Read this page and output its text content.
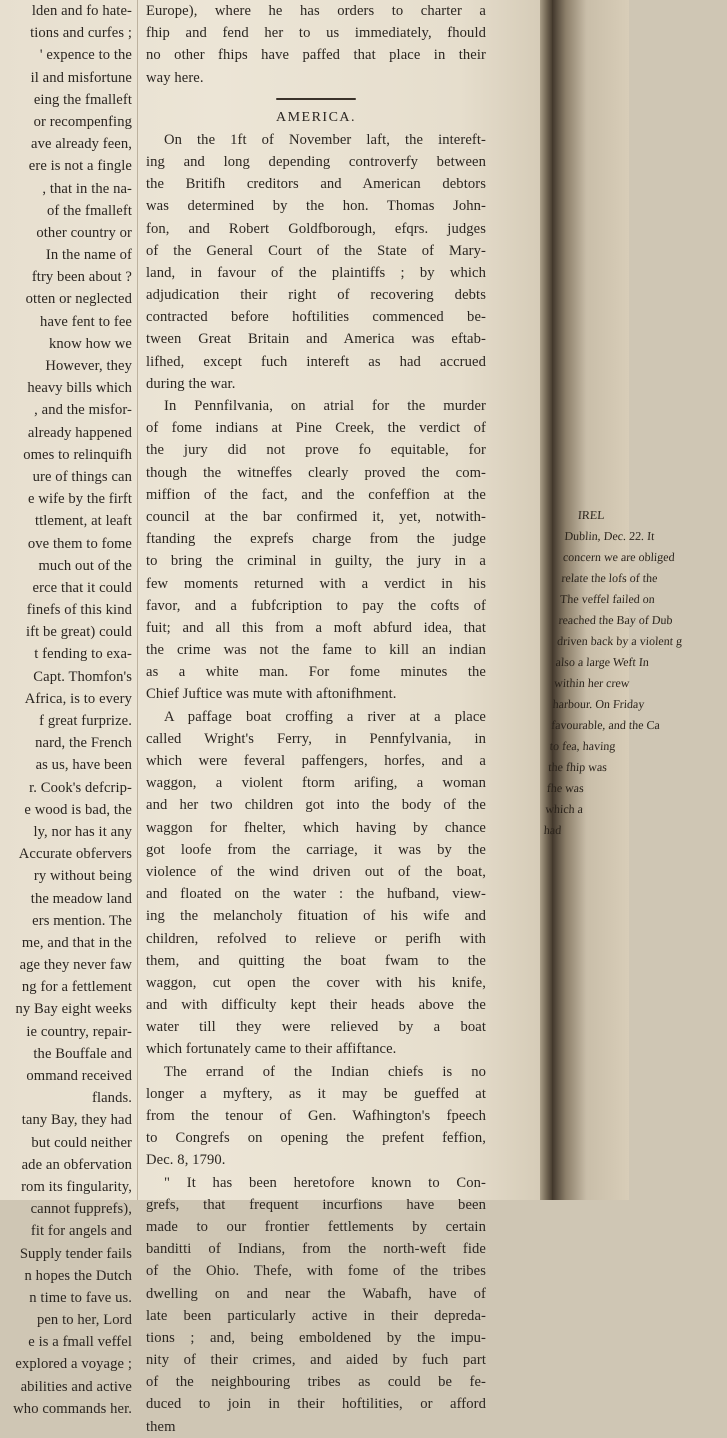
lden and fo hate-
tions and curfes ;
' expence to the
il and misfortune
eing the fmalleft
or recompenfing
ave already feen,
ere is not a fingle
, that in the na-
of the fmalleft
other country or
In the name of
ftry been about ?
otten or neglected
have fent to fee
know how we
However, they
heavy bills which
, and the misfor-
already happened
omes to relinquifh
ure of things can
e wife by the firft
ttlement, at leaft
ove them to fome
much out of the
erce that it could
finefs of this kind
ift be great) could
t fending to exa-
Capt. Thomfon's
Africa, is to every
f great furprize.
nard, the French
as us, have been
r. Cook's defcrip-
e wood is bad, the
ly, nor has it any
Accurate obfervers
ry without being
the meadow land
ers mention. The
me, and that in the
age they never faw
ng for a fettlement
ny Bay eight weeks
ie country, repair-
the Bouffale and
ommand received
flands.
tany Bay, they had
but could neither
ade an obfervation
rom its fingularity,
cannot fupprefs),
fit for angels and
Supply tender fails
n hopes the Dutch
n time to fave us.
pen to her, Lord
e is a fmall veffel
explored a voyage ;
abilities and active
who commands her.
Europe), where he has orders to charter a
fhip and fend her to us immediately, fhould
no other fhips have paffed that place in their
way here.
AMERICA.
On the 1ft of November laft, the intereft-
ing and long depending controverfy between
the Britifh creditors and American debtors
was determined by the hon. Thomas John-
fon, and Robert Goldfborough, efqrs. judges
of the General Court of the State of Mary-
land, in favour of the plaintiffs ; by which
adjudication their right of recovering debts
contracted before hoftilities commenced be-
tween Great Britain and America was eftab-
lifhed, except fuch intereft as had accrued
during the war.
In Pennfilvania, on atrial for the murder
of fome indians at Pine Creek, the verdict of
the jury did not prove fo equitable, for
though the witneffes clearly proved the com-
miffion of the fact, and the confeffion at the
council at the bar confirmed it, yet, notwith-
ftanding the exprefs charge from the judge
to bring the criminal in guilty, the jury in a
few moments returned with a verdict in his
favor, and a fubfcription to pay the cofts of
fuit; and all this from a moft abfurd idea, that
the crime was not the fame to kill an indian
as a white man. For fome minutes the
Chief Juftice was mute with aftonifhment.
A paffage boat croffing a river at a place
called Wright's Ferry, in Pennfylvania, in
which were feveral paffengers, horfes, and a
waggon, a violent ftorm arifing, a woman
and her two children got into the body of the
waggon for fhelter, which having by chance
got loofe from the carriage, it was by the
violence of the wind driven out of the boat,
and floated on the water : the hufband, view-
ing the melancholy fituation of his wife and
children, refolved to relieve or perifh with
them, and quitting the boat fwam to the
waggon, cut open the cover with his knife,
and with difficulty kept their heads above the
water till they were relieved by a boat
which fortunately came to their affiftance.
The errand of the Indian chiefs is no
longer a myftery, as it may be gueffed at
from the tenour of Gen. Wafhington's fpeech
to Congrefs on opening the prefent feffion,
Dec. 8, 1790.
" It has been heretofore known to Con-
grefs, that frequent incurfions have been
made to our frontier fettlements by certain
banditti of Indians, from the north-weft fide
of the Ohio. Thefe, with fome of the tribes
dwelling on and near the Wabafh, have of
late been particularly active in their depreda-
tions ; and, being emboldened by the impu-
nity of their crimes, and aided by fuch part
of the neighbouring tribes as could be fe-
duced to join in their hoftilities, or afford
them
IREL
Dublin, Dec. 22. It
concern we are obliged
relate the lofs of the
The veffel failed on
reached the Bay of Dub
driven back by a violent g
also a large Weft In
within her crew
harbour. On Friday
favourable, and the Ca
to fea, having
the fhip was
fhe was
which a
had
